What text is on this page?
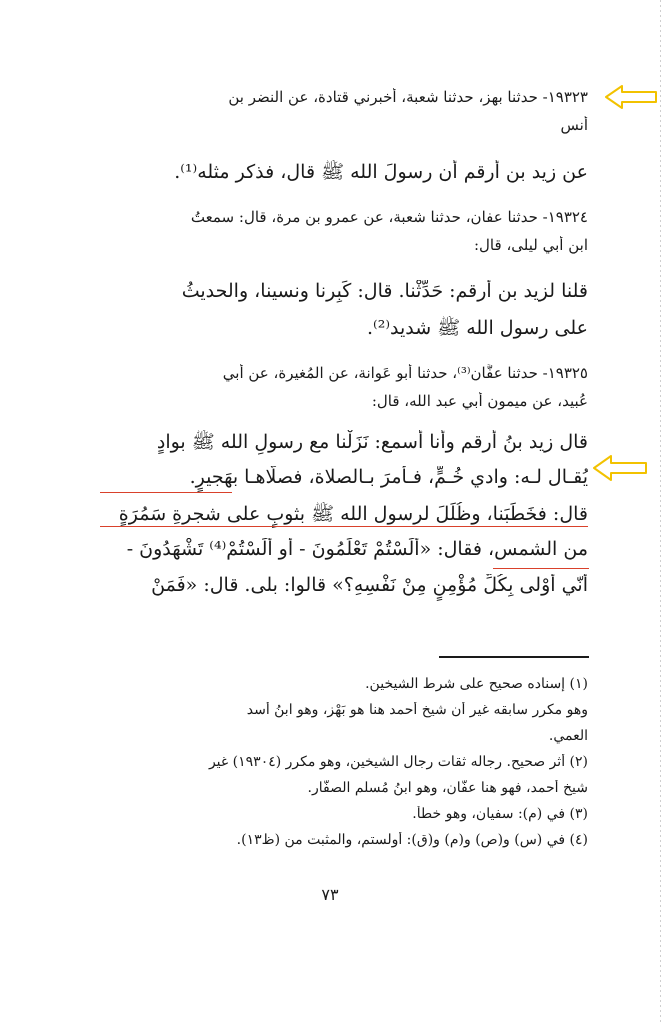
١٩٣٢٣- حدثنا بهز، حدثنا شعبة، أخبرني قتادة، عن النضر بن
أنس
عن زيد بن أرقم أن رسولَ الله ﷺ قال، فذكر مثله⁽¹⁾.
١٩٣٢٤- حدثنا عفان، حدثنا شعبة، عن عمرو بن مرة، قال: سمعتُ
ابن أبي ليلى، قال:
قلنا لزيد بن أرقم: حَدِّثْنا. قال: كَبِرنا ونسينا، والحديثُ
على رسول الله ﷺ شديد⁽²⁾.
١٩٣٢٥- حدثنا عفَّان⁽³⁾، حدثنا أبو عَوانة، عن المُغيرة، عن أبي
عُبيد، عن ميمون أبي عبد الله، قال:
قال زيد بنُ أرقم وأنا أسمع: نَزَلْنا مع رسولِ الله ﷺ بوادٍ
يُقـال لـه: وادي خُـمٍّ، فـأمرَ بـالصلاة، فصلَّاهـا بهَجيرٍ.
قال: فخَطَبَنا، وظُلِّلَ لرسول الله ﷺ بثوبٍ على شجرةِ سَمُرَةٍ
من الشمس، فقال: «ألَسْتُمْ تَعْلَمُونَ - أو ألَسْتُمْ⁽⁴⁾ تَشْهَدُونَ -
أنّي أَوْلى بِكُلِّ مُؤْمِنٍ مِنْ نَفْسِهِ؟» قالوا: بلى. قال: «فَمَنْ
(١) إسناده صحيح على شرط الشيخين.
وهو مكرر سابقه غير أن شيخ أحمد هنا هو بَهْز، وهو ابنُ أسد
العمي.
(٢) أثر صحيح. رجاله ثقات رجال الشيخين، وهو مكرر (١٩٣٠٤) غير
شيخ أحمد، فهو هنا عفَّان، وهو ابنُ مُسلم الصفَّار.
(٣) في (م): سفيان، وهو خطأ.
(٤) في (س) و(ص) و(م) و(ق): أولستم، والمثبت من (ظ١٣).
٧٣
